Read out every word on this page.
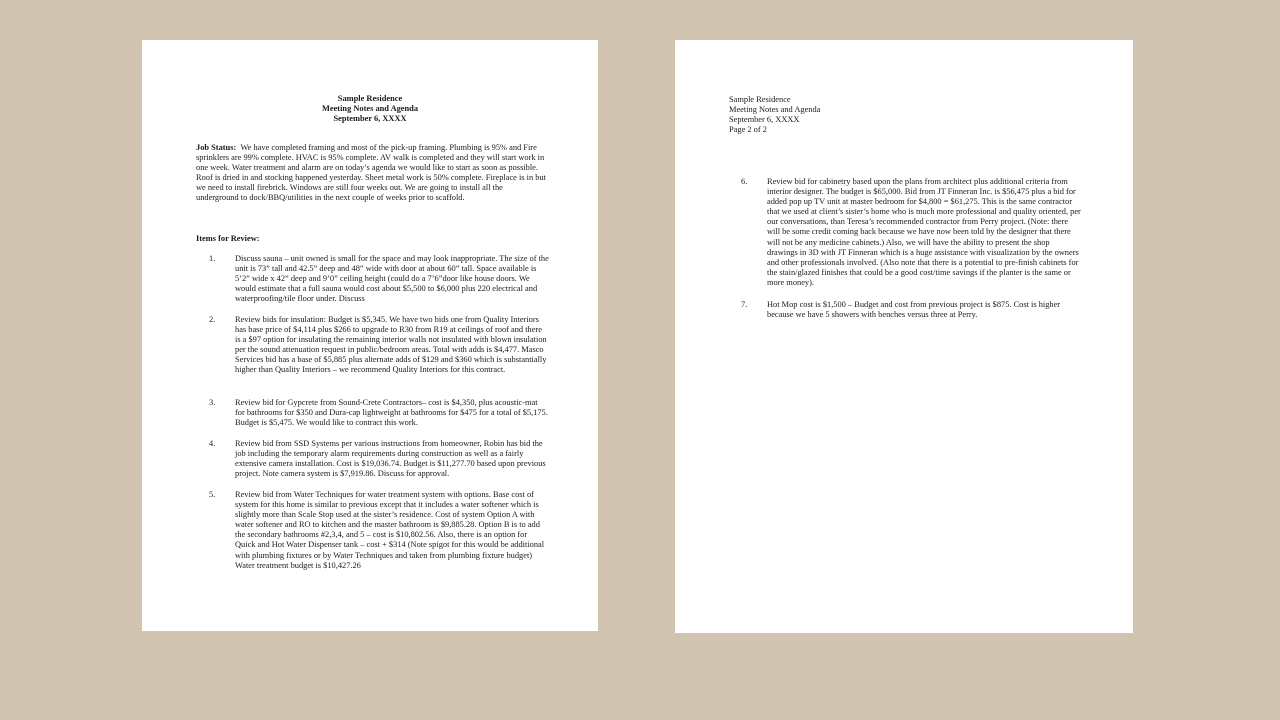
Sample Residence
Meeting Notes and Agenda
September 6, XXXX
Job Status: We have completed framing and most of the pick-up framing. Plumbing is 95% and Fire sprinklers are 99% complete. HVAC is 95% complete. AV walk is completed and they will start work in one week. Water treatment and alarm are on today’s agenda we would like to start as soon as possible. Roof is dried in and stocking happened yesterday. Sheet metal work is 50% complete. Fireplace is in but we need to install firebrick. Windows are still four weeks out. We are going to install all the underground to dock/BBQ/utilities in the next couple of weeks prior to scaffold.
Items for Review:
1.	Discuss sauna – unit owned is small for the space and may look inappropriate. The size of the unit is 73” tall and 42.5” deep and 48” wide with door at about 60” tall. Space available is 5’2” wide x 42” deep and 9’0” ceiling height (could do a 7’6”door like house doors. We would estimate that a full sauna would cost about $5,500 to $6,000 plus 220 electrical and waterproofing/tile floor under. Discuss
2.	Review bids for insulation: Budget is $5,345. We have two bids one from Quality Interiors has base price of $4,114 plus $266 to upgrade to R30 from R19 at ceilings of roof and there is a $97 option for insulating the remaining interior walls not insulated with blown insulation per the sound attenuation request in public/bedroom areas. Total with adds is $4,477. Masco Services bid has a base of $5,885 plus alternate adds of $129 and $360 which is substantially higher than Quality Interiors – we recommend Quality Interiors for this contract.
3.	Review bid for Gypcrete from Sound-Crete Contractors– cost is $4,350, plus acoustic-mat for bathrooms for $350 and Dura-cap lightweight at bathrooms for $475 for a total of $5,175. Budget is $5,475. We would like to contract this work.
4.	Review bid from SSD Systems per various instructions from homeowner, Robin has bid the job including the temporary alarm requirements during construction as well as a fairly extensive camera installation. Cost is $19,036.74. Budget is $11,277.70 based upon previous project. Note camera system is $7,919.86. Discuss for approval.
5.	Review bid from Water Techniques for water treatment system with options. Base cost of system for this home is similar to previous except that it includes a water softener which is slightly more than Scale Stop used at the sister’s residence. Cost of system Option A with water softener and RO to kitchen and the master bathroom is $9,885.28. Option B is to add the secondary bathrooms #2,3,4, and 5 – cost is $10,802.56. Also, there is an option for Quick and Hot Water Dispenser tank – cost + $314 (Note spigot for this would be additional with plumbing fixtures or by Water Techniques and taken from plumbing fixture budget) Water treatment budget is $10,427.26
Sample Residence
Meeting Notes and Agenda
September 6, XXXX
Page 2 of 2
6.	Review bid for cabinetry based upon the plans from architect plus additional criteria from interior designer. The budget is $65,000. Bid from JT Finneran Inc. is $56,475 plus a bid for added pop up TV unit at master bedroom for $4,800 = $61,275. This is the same contractor that we used at client’s sister’s home who is much more professional and quality oriented, per our conversations, than Teresa’s recommended contractor from Perry project. (Note: there will be some credit coming back because we have now been told by the designer that there will not be any medicine cabinets.) Also, we will have the ability to present the shop drawings in 3D with JT Finneran which is a huge assistance with visualization by the owners and other professionals involved. (Also note that there is a potential to pre-finish cabinets for the stain/glazed finishes that could be a good cost/time savings if the planter is the same or more money).
7.	Hot Mop cost is $1,500 – Budget and cost from previous project is $875. Cost is higher because we have 5 showers with benches versus three at Perry.
